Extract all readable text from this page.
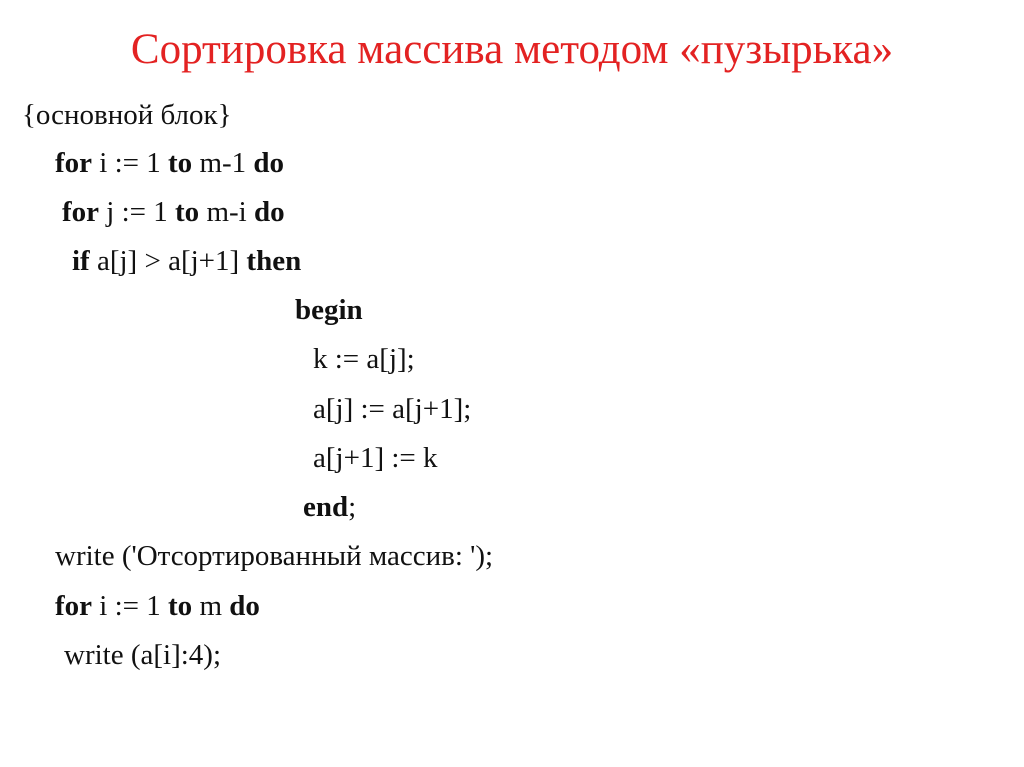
Сортировка массива методом «пузырька»
{основной блок}
for i := 1 to m-1 do
for j := 1 to m-i do
if a[j] > a[j+1] then
begin
k := a[j];
a[j] := a[j+1];
a[j+1] := k
end;
write ('Отсортированный массив: ');
for i := 1 to m do
write (a[i]:4);
